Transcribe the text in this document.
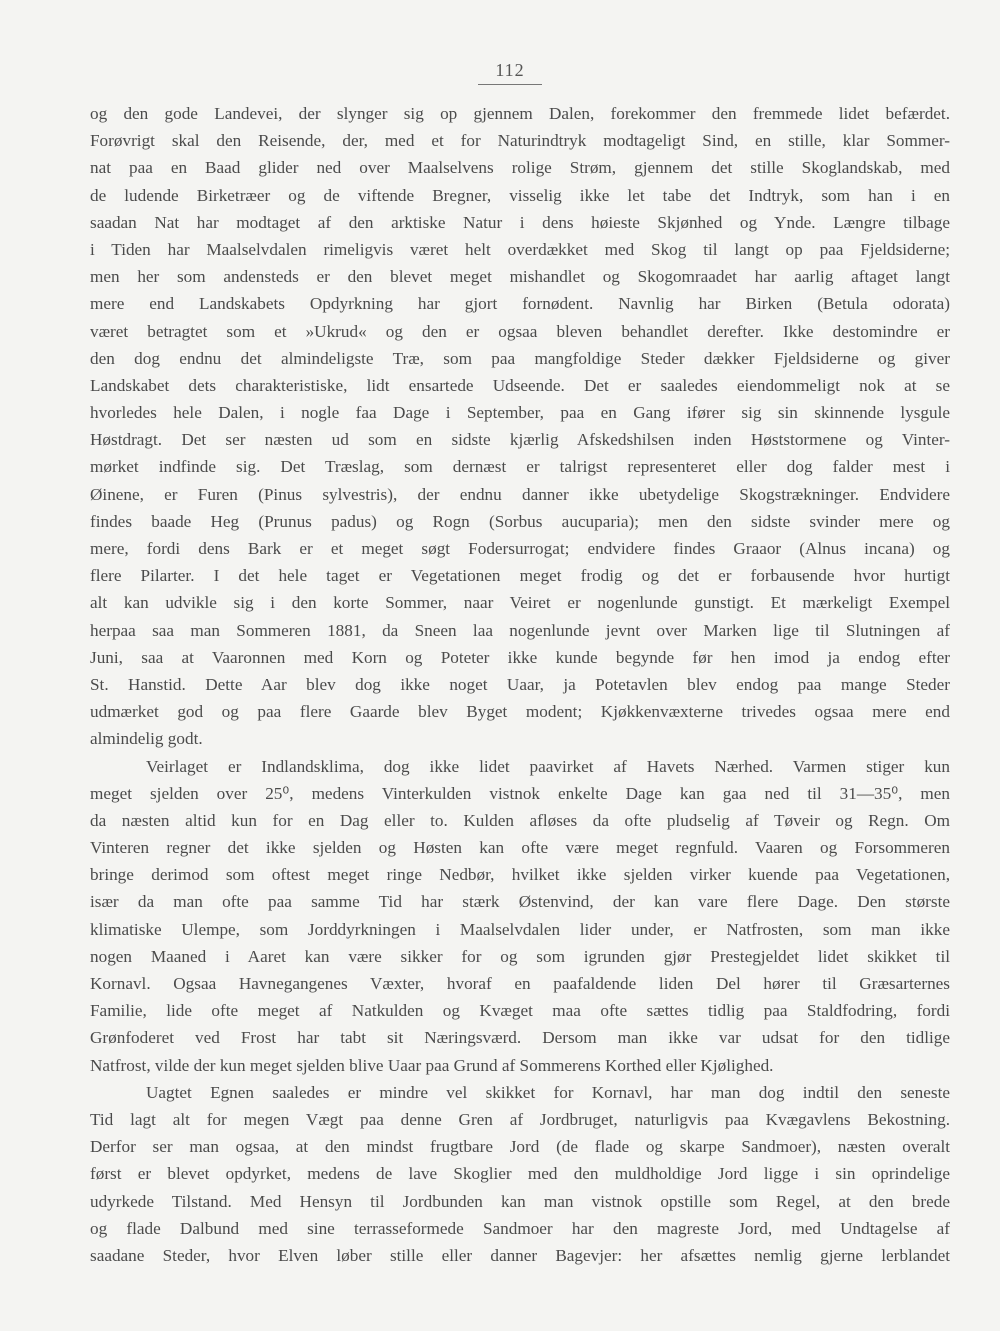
112
og den gode Landevei, der slynger sig op gjennem Dalen, forekommer den fremmede lidet befærdet.
Forøvrigt skal den Reisende, der, med et for Naturindtryk modtageligt Sind, en stille, klar Sommer-
nat paa en Baad glider ned over Maalselvens rolige Strøm, gjennem det stille Skoglandskab, med
de ludende Birketræer og de viftende Bregner, visselig ikke let tabe det Indtryk, som han i en
saadan Nat har modtaget af den arktiske Natur i dens høieste Skjønhed og Ynde. Længre tilbage
i Tiden har Maalselvdalen rimeligvis været helt overdækket med Skog til langt op paa Fjeldsiderne;
men her som andensteds er den blevet meget mishandlet og Skogomraadet har aarlig aftaget langt
mere end Landskabets Opdyrkning har gjort fornødent. Navnlig har Birken (Betula odorata)
været betragtet som et »Ukrud« og den er ogsaa bleven behandlet derefter. Ikke destomindre er
den dog endnu det almindeligste Træ, som paa mangfoldige Steder dækker Fjeldsiderne og giver
Landskabet dets charakteristiske, lidt ensartede Udseende. Det er saaledes eiendommeligt nok at se
hvorledes hele Dalen, i nogle faa Dage i September, paa en Gang ifører sig sin skinnende lysgule
Høstdragt. Det ser næsten ud som en sidste kjærlig Afskedshilsen inden Høststormene og Vinter-
mørket indfinde sig. Det Træslag, som dernæst er talrigst representeret eller dog falder mest i
Øinene, er Furen (Pinus sylvestris), der endnu danner ikke ubetydelige Skogstrækninger. Endvidere
findes baade Heg (Prunus padus) og Rogn (Sorbus aucuparia); men den sidste svinder mere og
mere, fordi dens Bark er et meget søgt Fodersurrogat; endvidere findes Graaor (Alnus incana) og
flere Pilarter. I det hele taget er Vegetationen meget frodig og det er forbausende hvor hurtigt
alt kan udvikle sig i den korte Sommer, naar Veiret er nogenlunde gunstigt. Et mærkeligt Exempel
herpaa saa man Sommeren 1881, da Sneen laa nogenlunde jevnt over Marken lige til Slutningen af
Juni, saa at Vaaronnen med Korn og Poteter ikke kunde begynde før hen imod ja endog efter
St. Hanstid. Dette Aar blev dog ikke noget Uaar, ja Potetavlen blev endog paa mange Steder
udmærket god og paa flere Gaarde blev Byget modent; Kjøkkenvæxterne trivedes ogsaa mere end
almindelig godt.
Veirlaget er Indlandsklima, dog ikke lidet paavirket af Havets Nærhed. Varmen stiger kun
meget sjelden over 25⁰, medens Vinterkulden vistnok enkelte Dage kan gaa ned til 31—35⁰, men
da næsten altid kun for en Dag eller to. Kulden afløses da ofte pludselig af Tøveir og Regn. Om
Vinteren regner det ikke sjelden og Høsten kan ofte være meget regnfuld. Vaaren og Forsommeren
bringe derimod som oftest meget ringe Nedbør, hvilket ikke sjelden virker kuende paa Vegetationen,
især da man ofte paa samme Tid har stærk Østenvind, der kan vare flere Dage. Den største
klimatiske Ulempe, som Jorddyrkningen i Maalselvdalen lider under, er Natfrosten, som man ikke
nogen Maaned i Aaret kan være sikker for og som igrunden gjør Prestegjeldet lidet skikket til
Kornavl. Ogsaa Havnegangenes Væxter, hvoraf en paafaldende liden Del hører til Græsarternes
Familie, lide ofte meget af Natkulden og Kvæget maa ofte sættes tidlig paa Staldfodring, fordi
Grønfoderet ved Frost har tabt sit Næringsværd. Dersom man ikke var udsat for den tidlige
Natfrost, vilde der kun meget sjelden blive Uaar paa Grund af Sommerens Korthed eller Kjølighed.
Uagtet Egnen saaledes er mindre vel skikket for Kornavl, har man dog indtil den seneste
Tid lagt alt for megen Vægt paa denne Gren af Jordbruget, naturligvis paa Kvægavlens Bekostning.
Derfor ser man ogsaa, at den mindst frugtbare Jord (de flade og skarpe Sandmoer), næsten overalt
først er blevet opdyrket, medens de lave Skoglier med den muldholdige Jord ligge i sin oprindelige
udyrkede Tilstand. Med Hensyn til Jordbunden kan man vistnok opstille som Regel, at den brede
og flade Dalbund med sine terrasseformede Sandmoer har den magreste Jord, med Undtagelse af
saadane Steder, hvor Elven løber stille eller danner Bagevjer: her afsættes nemlig gjerne lerblandet
